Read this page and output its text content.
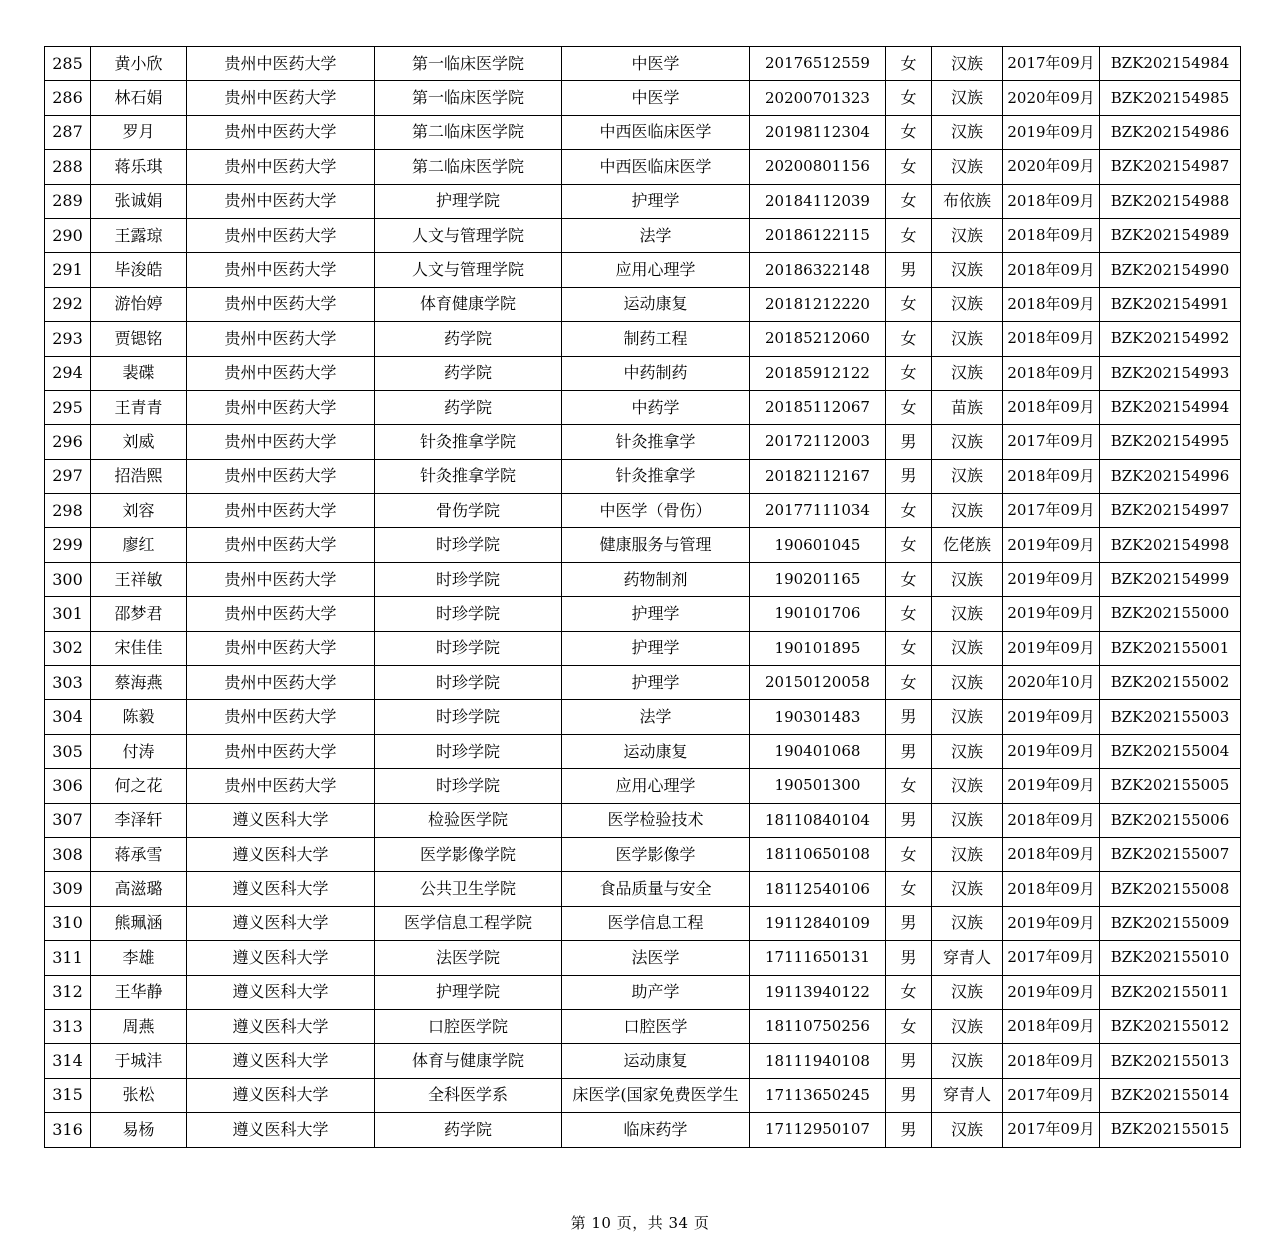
285	黄小欣	贵州中医药大学	第一临床医学院	中医学	20176512559	女	汉族	2017年09月	BZK202154984
286	林石娟	贵州中医药大学	第一临床医学院	中医学	20200701323	女	汉族	2020年09月	BZK202154985
287	罗月	贵州中医药大学	第二临床医学院	中西医临床医学	20198112304	女	汉族	2019年09月	BZK202154986
288	蒋乐琪	贵州中医药大学	第二临床医学院	中西医临床医学	20200801156	女	汉族	2020年09月	BZK202154987
289	张诚娟	贵州中医药大学	护理学院	护理学	20184112039	女	布依族	2018年09月	BZK202154988
290	王露琼	贵州中医药大学	人文与管理学院	法学	20186122115	女	汉族	2018年09月	BZK202154989
291	毕浚皓	贵州中医药大学	人文与管理学院	应用心理学	20186322148	男	汉族	2018年09月	BZK202154990
292	游怡婷	贵州中医药大学	体育健康学院	运动康复	20181212220	女	汉族	2018年09月	BZK202154991
293	贾锶铭	贵州中医药大学	药学院	制药工程	20185212060	女	汉族	2018年09月	BZK202154992
294	裴碟	贵州中医药大学	药学院	中药制药	20185912122	女	汉族	2018年09月	BZK202154993
295	王青青	贵州中医药大学	药学院	中药学	20185112067	女	苗族	2018年09月	BZK202154994
296	刘威	贵州中医药大学	针灸推拿学院	针灸推拿学	20172112003	男	汉族	2017年09月	BZK202154995
297	招浩熙	贵州中医药大学	针灸推拿学院	针灸推拿学	20182112167	男	汉族	2018年09月	BZK202154996
298	刘容	贵州中医药大学	骨伤学院	中医学（骨伤）	20177111034	女	汉族	2017年09月	BZK202154997
299	廖红	贵州中医药大学	时珍学院	健康服务与管理	190601045	女	仡佬族	2019年09月	BZK202154998
300	王祥敏	贵州中医药大学	时珍学院	药物制剂	190201165	女	汉族	2019年09月	BZK202154999
301	邵梦君	贵州中医药大学	时珍学院	护理学	190101706	女	汉族	2019年09月	BZK202155000
302	宋佳佳	贵州中医药大学	时珍学院	护理学	190101895	女	汉族	2019年09月	BZK202155001
303	蔡海燕	贵州中医药大学	时珍学院	护理学	20150120058	女	汉族	2020年10月	BZK202155002
304	陈毅	贵州中医药大学	时珍学院	法学	190301483	男	汉族	2019年09月	BZK202155003
305	付涛	贵州中医药大学	时珍学院	运动康复	190401068	男	汉族	2019年09月	BZK202155004
306	何之花	贵州中医药大学	时珍学院	应用心理学	190501300	女	汉族	2019年09月	BZK202155005
307	李泽轩	遵义医科大学	检验医学院	医学检验技术	18110840104	男	汉族	2018年09月	BZK202155006
308	蒋承雪	遵义医科大学	医学影像学院	医学影像学	18110650108	女	汉族	2018年09月	BZK202155007
309	高滋璐	遵义医科大学	公共卫生学院	食品质量与安全	18112540106	女	汉族	2018年09月	BZK202155008
310	熊珮涵	遵义医科大学	医学信息工程学院	医学信息工程	19112840109	男	汉族	2019年09月	BZK202155009
311	李雄	遵义医科大学	法医学院	法医学	17111650131	男	穿青人	2017年09月	BZK202155010
312	王华静	遵义医科大学	护理学院	助产学	19113940122	女	汉族	2019年09月	BZK202155011
313	周燕	遵义医科大学	口腔医学院	口腔医学	18110750256	女	汉族	2018年09月	BZK202155012
314	于城沣	遵义医科大学	体育与健康学院	运动康复	18111940108	男	汉族	2018年09月	BZK202155013
315	张松	遵义医科大学	全科医学系	床医学(国家免费医学生	17113650245	男	穿青人	2017年09月	BZK202155014
316	易杨	遵义医科大学	药学院	临床药学	17112950107	男	汉族	2017年09月	BZK202155015
第 10 页，共 34 页
